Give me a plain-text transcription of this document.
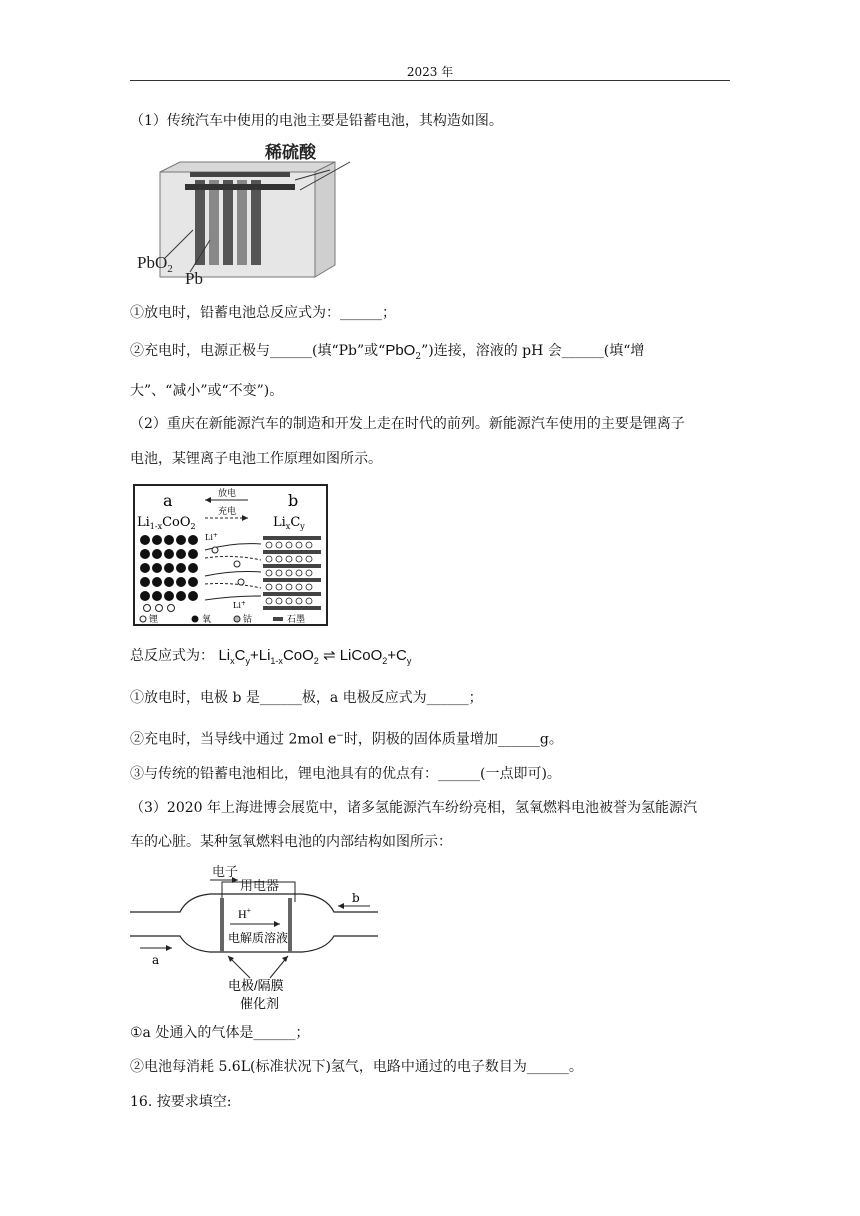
2023 年
（1）传统汽车中使用的电池主要是铅蓄电池，其构造如图。
稀硫酸
PbO$_2$ Pb
①放电时，铅蓄电池总反应式为：______；
②充电时，电源正极与______(填“Pb”或“PbO$_2$”)连接，溶液的 pH 会______(填“增
大”、“减小”或“不变”)。
（2）重庆在新能源汽车的制造和开发上走在时代的前列。新能源汽车使用的主要是锂离子
电池，某锂离子电池工作原理如图所示。
a	b
放电
充电
$Li_{1-x}CoO_2$	$Li_xC_y$
Li+
Li+
锂	氧	钴	石墨
总反应式为： $Li_xC_y+Li_{1-x}CoO_2$ ⇌ $LiCoO_2+C_y$
①放电时，电极 b 是______极，a 电极反应式为______；
②充电时，当导线中通过 2mol e−时，阴极的固体质量增加______g。
③与传统的铅蓄电池相比，锂电池具有的优点有：______(一点即可)。
（3）2020 年上海进博会展览中，诸多氢能源汽车纷纷亮相，氢氧燃料电池被誉为氢能源汽
车的心脏。某种氢氧燃料电池的内部结构如图所示：
电子
用电器
H+
电解质溶液
a
b
电极/隔膜
催化剂
①a 处通入的气体是______；
②电池每消耗 5.6L(标准状况下)氢气，电路中通过的电子数目为______。
16. 按要求填空:
